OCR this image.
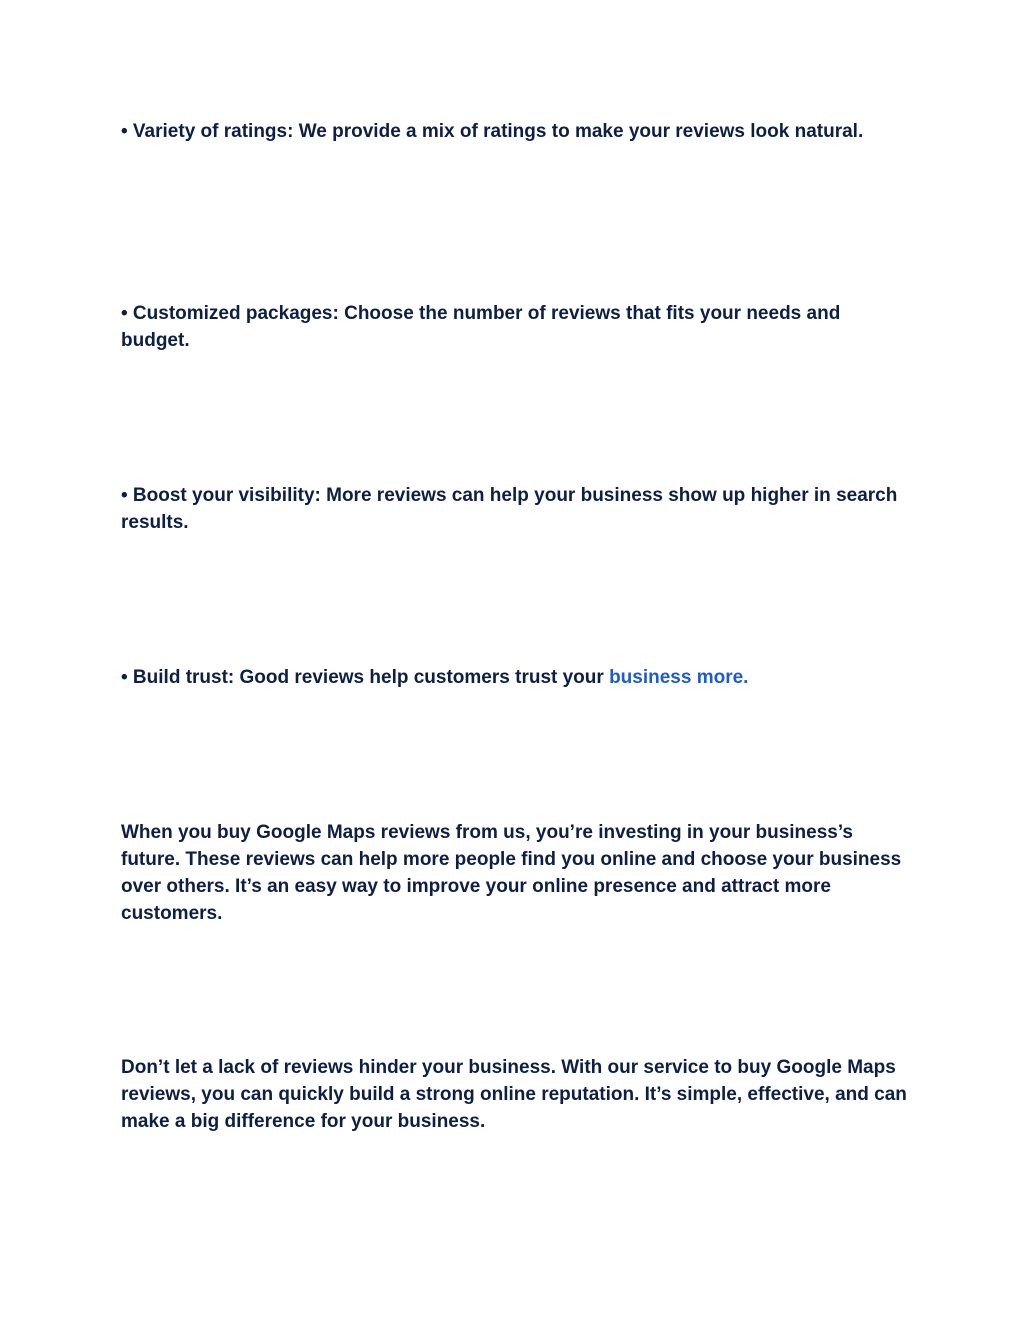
• Variety of ratings: We provide a mix of ratings to make your reviews look natural.

• Customized packages: Choose the number of reviews that fits your needs and budget.

• Boost your visibility: More reviews can help your business show up higher in search results.

• Build trust: Good reviews help customers trust your business more.

When you buy Google Maps reviews from us, you’re investing in your business’s future. These reviews can help more people find you online and choose your business over others. It’s an easy way to improve your online presence and attract more customers.

Don’t let a lack of reviews hinder your business. With our service to buy Google Maps reviews, you can quickly build a strong online reputation. It’s simple, effective, and can make a big difference for your business.
